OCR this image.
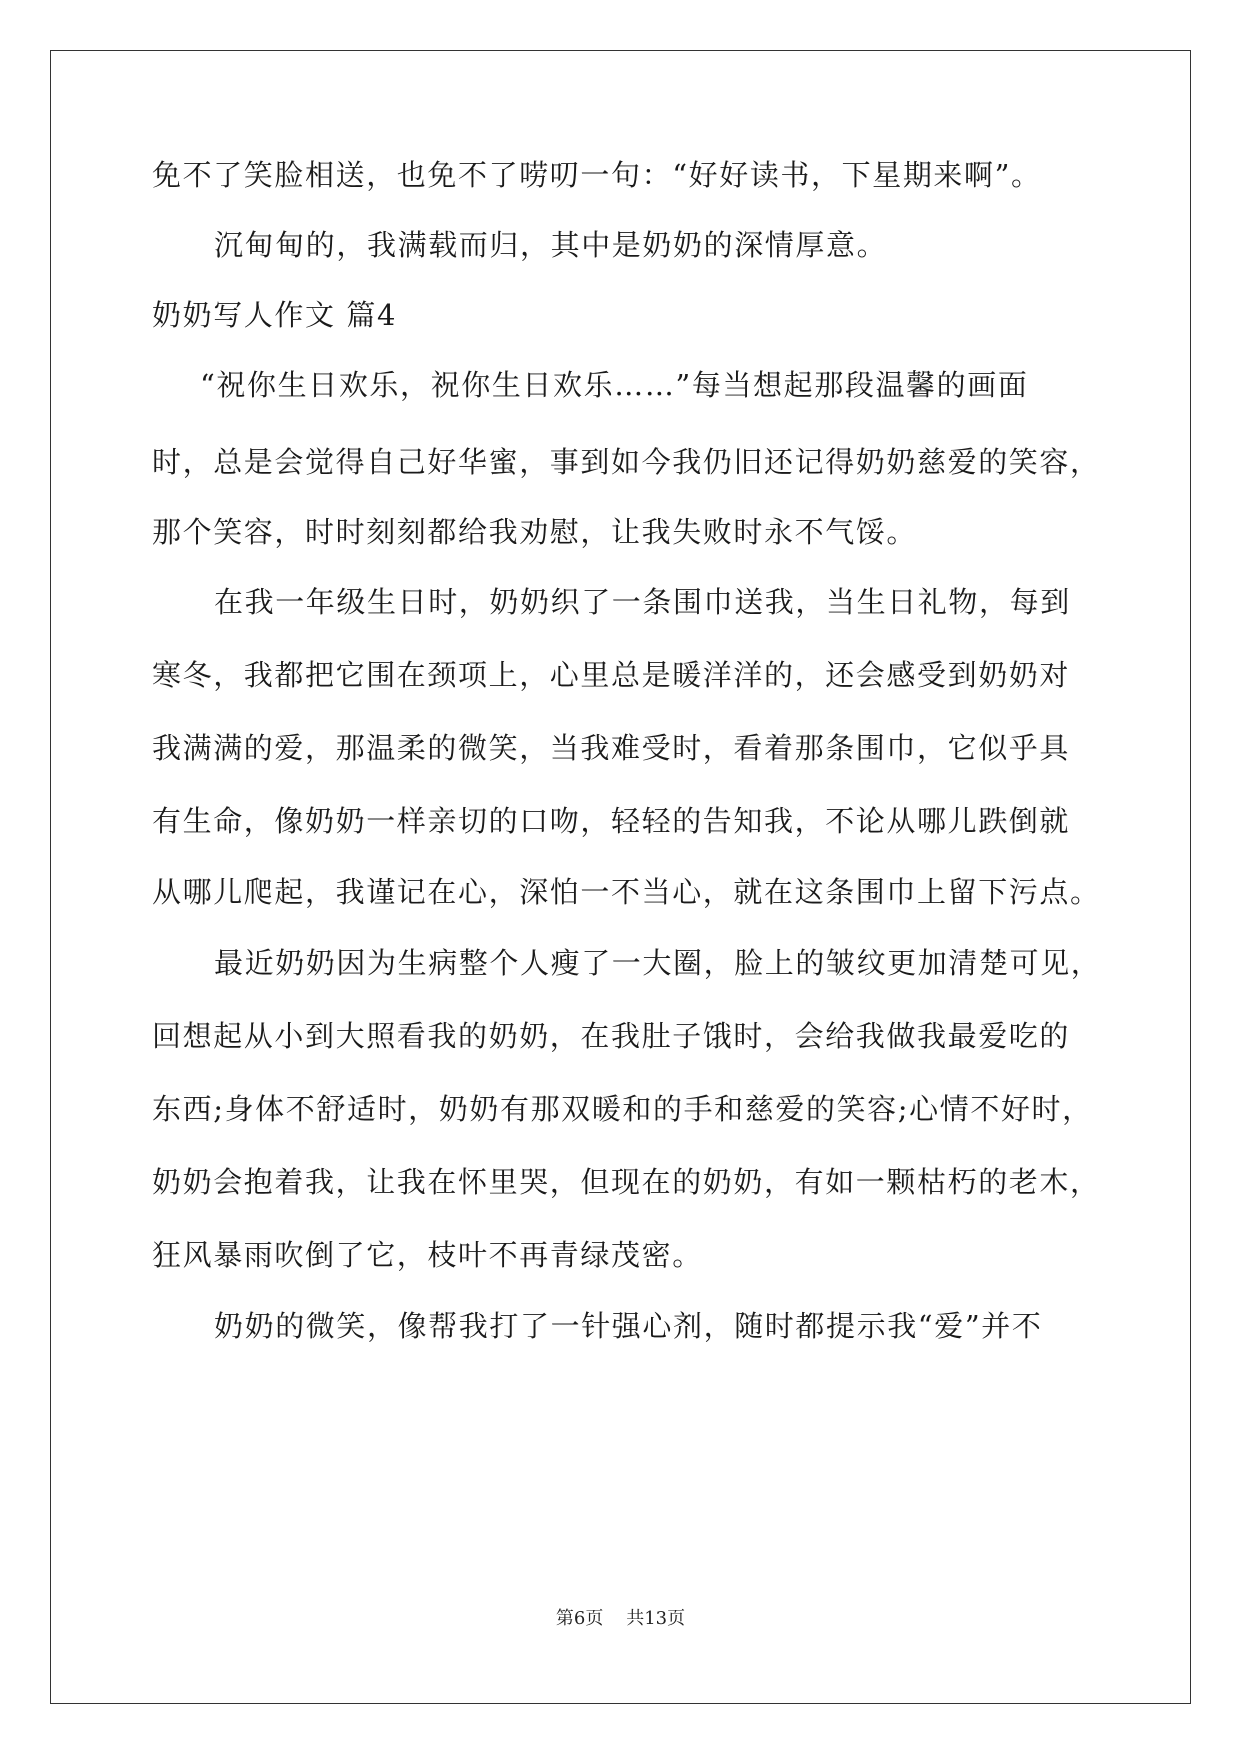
免不了笑脸相送，也免不了唠叨一句：“好好读书，下星期来啊”。
沉甸甸的，我满载而归，其中是奶奶的深情厚意。
奶奶写人作文 篇4
“祝你生日欢乐，祝你生日欢乐……”每当想起那段温馨的画面
时，总是会觉得自己好华蜜，事到如今我仍旧还记得奶奶慈爱的笑容，
那个笑容，时时刻刻都给我劝慰，让我失败时永不气馁。
在我一年级生日时，奶奶织了一条围巾送我，当生日礼物，每到
寒冬，我都把它围在颈项上，心里总是暖洋洋的，还会感受到奶奶对
我满满的爱，那温柔的微笑，当我难受时，看着那条围巾，它似乎具
有生命，像奶奶一样亲切的口吻，轻轻的告知我，不论从哪儿跌倒就
从哪儿爬起，我谨记在心，深怕一不当心，就在这条围巾上留下污点。
最近奶奶因为生病整个人瘦了一大圈，脸上的皱纹更加清楚可见，
回想起从小到大照看我的奶奶，在我肚子饿时，会给我做我最爱吃的
东西;身体不舒适时，奶奶有那双暖和的手和慈爱的笑容;心情不好时，
奶奶会抱着我，让我在怀里哭，但现在的奶奶，有如一颗枯朽的老木，
狂风暴雨吹倒了它，枝叶不再青绿茂密。
奶奶的微笑，像帮我打了一针强心剂，随时都提示我“爱”并不
第6页    共13页
